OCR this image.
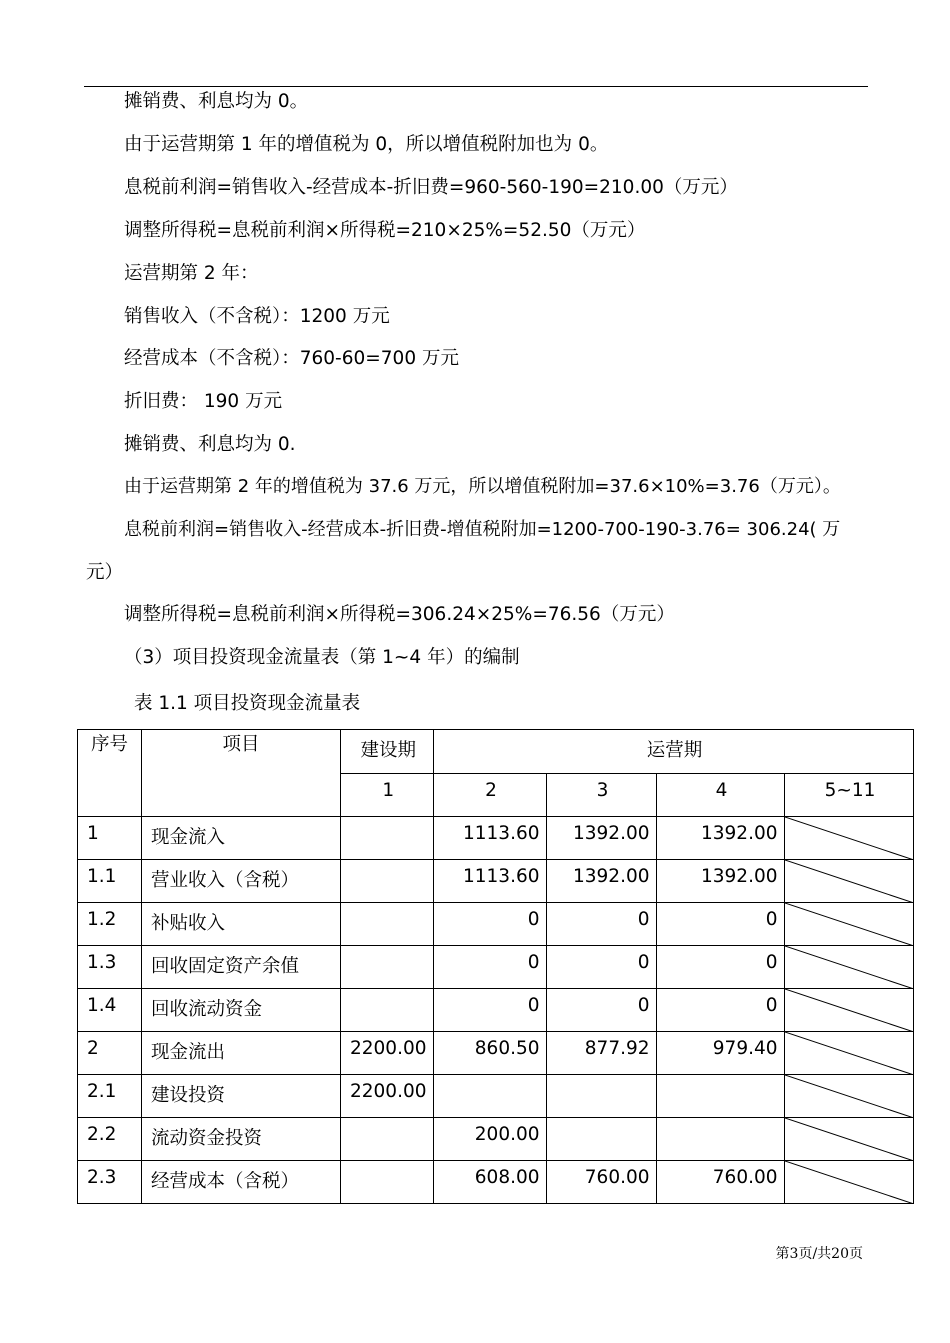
摊销费、利息均为 0。
由于运营期第 1 年的增值税为 0，所以增值税附加也为 0。
息税前利润=销售收入-经营成本-折旧费=960-560-190=210.00（万元）
调整所得税=息税前利润×所得税=210×25%=52.50（万元）
运营期第 2 年：
销售收入（不含税）：1200 万元
经营成本（不含税）：760-60=700 万元
折旧费： 190 万元
摊销费、利息均为 0.
由于运营期第 2 年的增值税为 37.6 万元，所以增值税附加=37.6×10%=3.76（万元）。
息税前利润=销售收入-经营成本-折旧费-增值税附加=1200-700-190-3.76= 306.24( 万
元）
调整所得税=息税前利润×所得税=306.24×25%=76.56（万元）
（3）项目投资现金流量表（第 1~4 年）的编制
表 1.1 项目投资现金流量表
序号	项目	建设期	运营期			

		1	2	3	4	5~11

1	现金流入		1113.60	1392.00	1392.00

1.1	营业收入（含税）		1113.60	1392.00	1392.00

1.2	补贴收入		0	0	0

1.3	回收固定资产余值		0	0	0

1.4	回收流动资金		0	0	0

2	现金流出	2200.00	860.50	877.92	979.40

2.1	建设投资	2200.00

2.2	流动资金投资		200.00

2.3	经营成本（含税）		608.00	760.00	760.00

第3页/共20页
